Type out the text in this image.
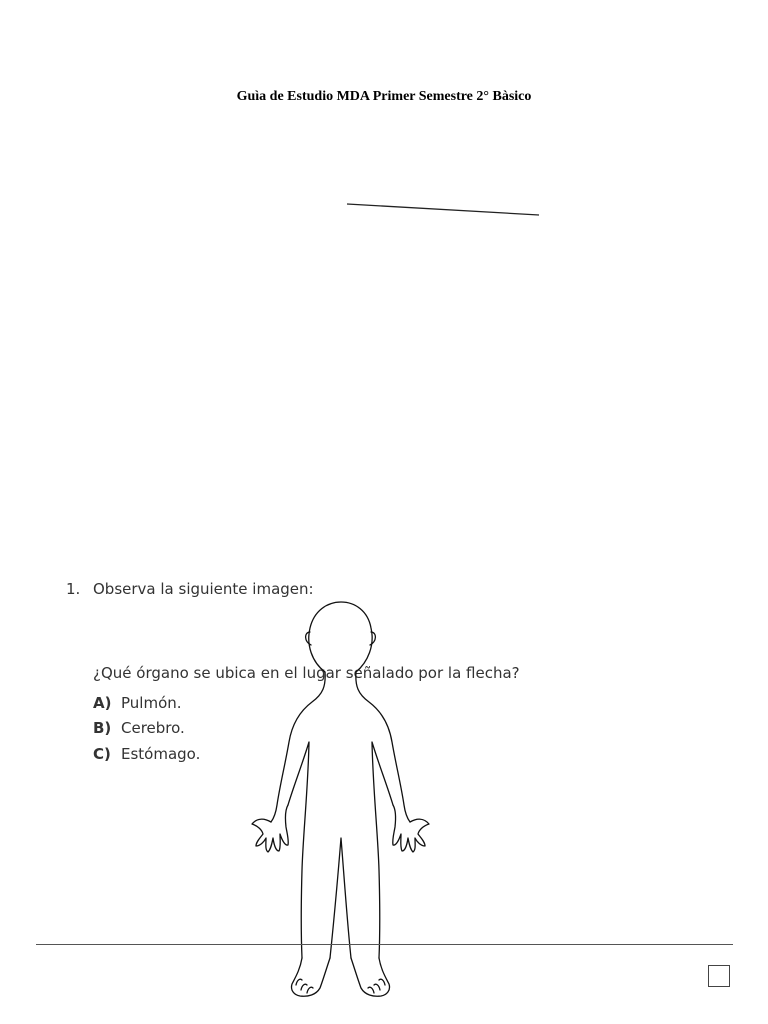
Guìa de Estudio MDA Primer Semestre 2° Bàsico
1. Observa la siguiente imagen:
¿Qué órgano se ubica en el lugar señalado por la flecha?
A) Pulmón.
B) Cerebro.
C) Estómago.
